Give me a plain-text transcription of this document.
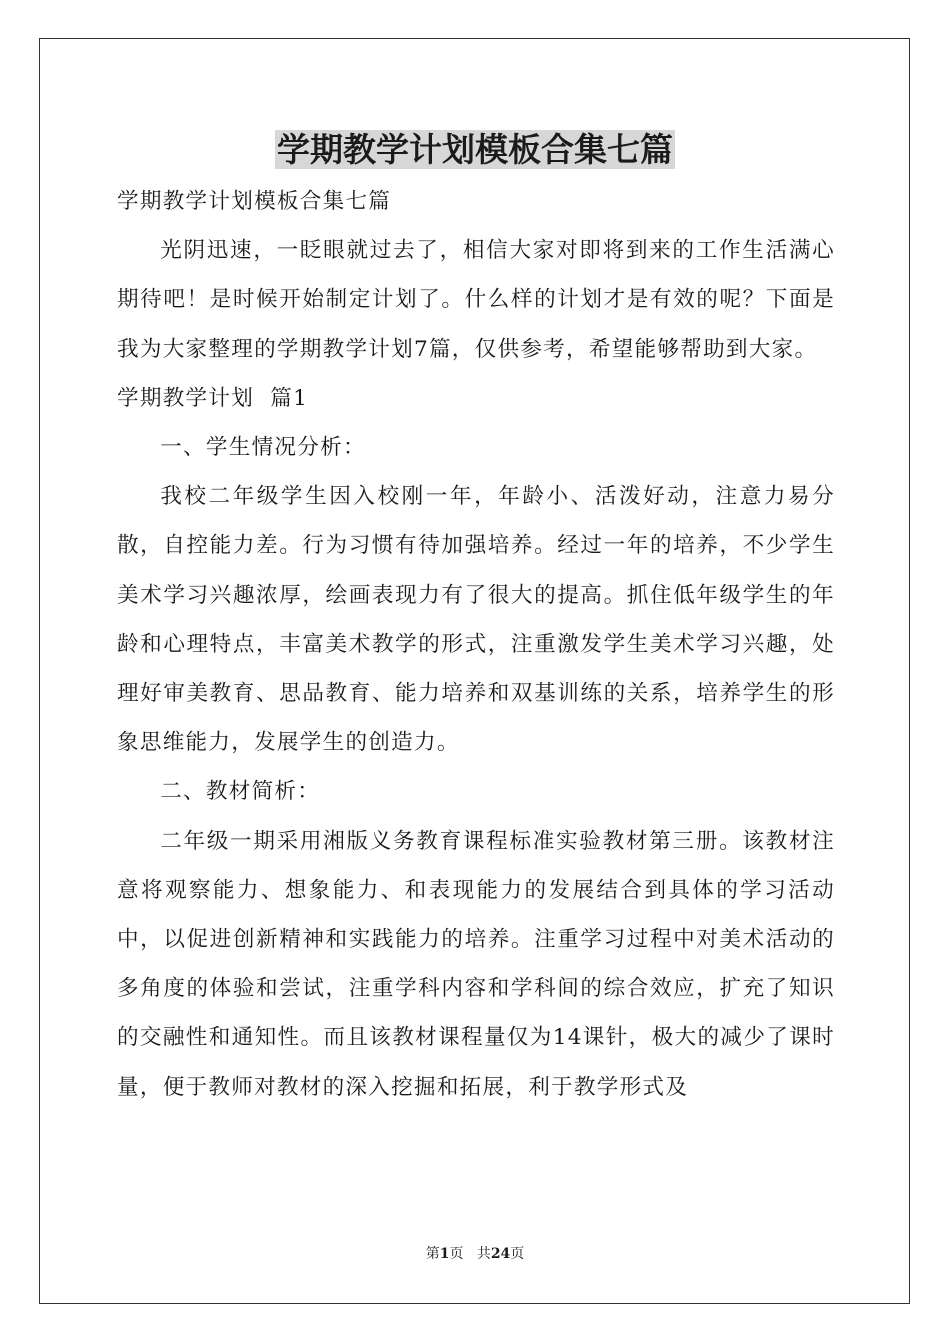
学期教学计划模板合集七篇
学期教学计划模板合集七篇

光阴迅速，一眨眼就过去了，相信大家对即将到来的工作生活满心期待吧！是时候开始制定计划了。什么样的计划才是有效的呢？下面是我为大家整理的学期教学计划7篇，仅供参考，希望能够帮助到大家。

学期教学计划  篇1
一、学生情况分析：

我校二年级学生因入校刚一年，年龄小、活泼好动，注意力易分散，自控能力差。行为习惯有待加强培养。经过一年的培养，不少学生美术学习兴趣浓厚，绘画表现力有了很大的提高。抓住低年级学生的年龄和心理特点，丰富美术教学的形式，注重激发学生美术学习兴趣，处理好审美教育、思品教育、能力培养和双基训练的关系，培养学生的形象思维能力，发展学生的创造力。

二、教材简析：

二年级一期采用湘版义务教育课程标准实验教材第三册。该教材注意将观察能力、想象能力、和表现能力的发展结合到具体的学习活动中，以促进创新精神和实践能力的培养。注重学习过程中对美术活动的多角度的体验和尝试，注重学科内容和学科间的综合效应，扩充了知识的交融性和通知性。而且该教材课程量仅为14课针，极大的减少了课时量，便于教师对教材的深入挖掘和拓展，利于教学形式及

第1页 共24页
